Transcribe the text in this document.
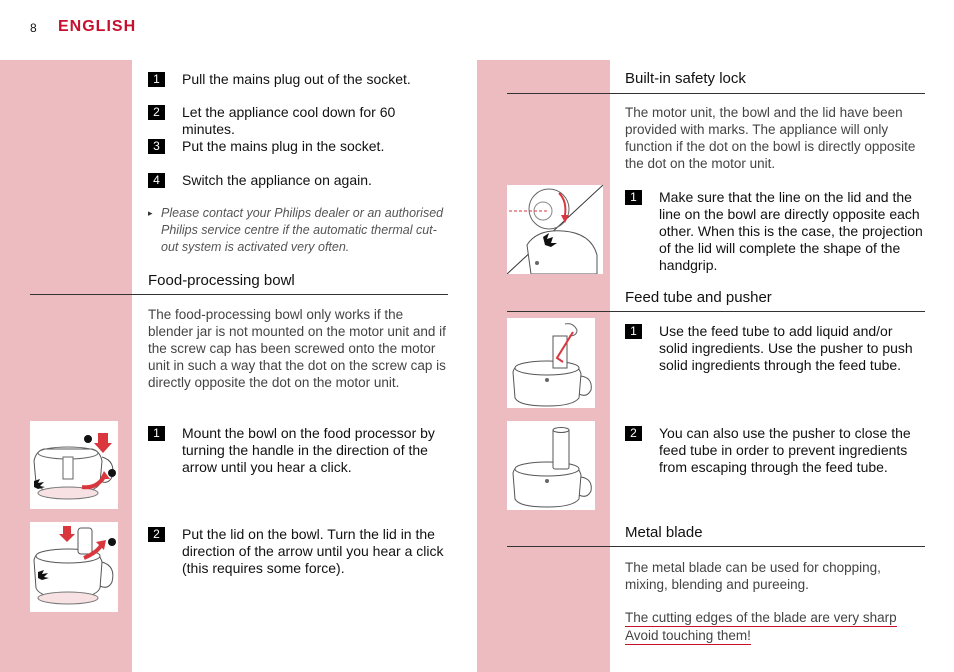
8 ENGLISH
1	Pull the mains plug out of the socket.
2	Let the appliance cool down for 60 minutes.
3	Put the mains plug in the socket.
4	Switch the appliance on again.
▸ Please contact your Philips dealer or an authorised Philips service centre if the automatic thermal cut-out system is activated very often.
Food-processing bowl
The food-processing bowl only works if the blender jar is not mounted on the motor unit and if the screw cap has been screwed onto the motor unit in such a way that the dot on the screw cap is directly opposite the dot on the motor unit.
1	Mount the bowl on the food processor by turning the handle in the direction of the arrow until you hear a click.
2	Put the lid on the bowl. Turn the lid in the direction of the arrow until you hear a click (this requires some force).
Built-in safety lock
The motor unit, the bowl and the lid have been provided with marks. The appliance will only function if the dot on the bowl is directly opposite the dot on the motor unit.
1	Make sure that the line on the lid and the line on the bowl are directly opposite each other. When this is the case, the projection of the lid will complete the shape of the handgrip.
Feed tube and pusher
1	Use the feed tube to add liquid and/or solid ingredients. Use the pusher to push solid ingredients through the feed tube.
2	You can also use the pusher to close the feed tube in order to prevent ingredients from escaping through the feed tube.
Metal blade
The metal blade can be used for chopping, mixing, blending and pureeing.
The cutting edges of the blade are very sharp
Avoid touching them!
